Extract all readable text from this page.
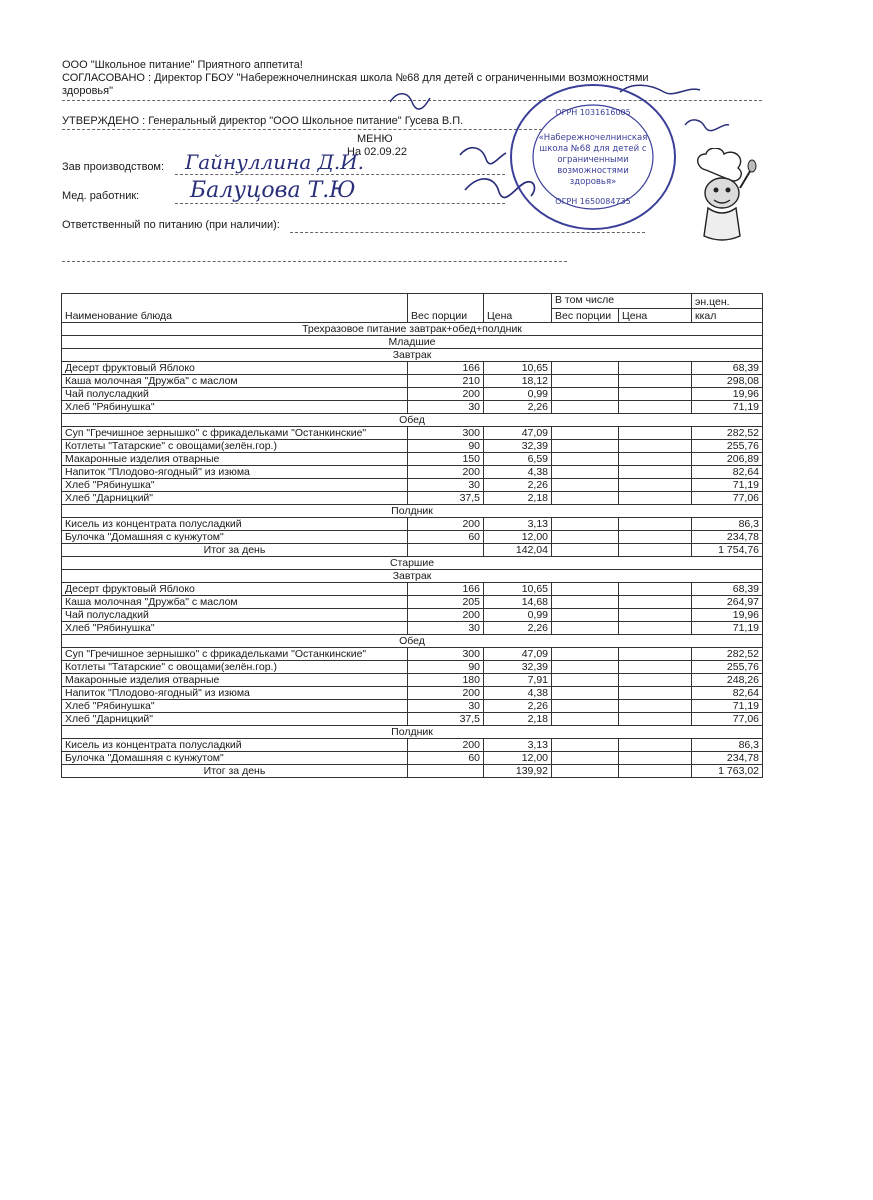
ООО "Школьное питание" Приятного аппетита!
СОГЛАСОВАНО : Директор ГБОУ "Набережночелнинская школа №68 для детей с ограниченными возможностями
здоровья"
УТВЕРЖДЕНО : Генеральный директор "ООО Школьное питание" Гусева В.П.
МЕНЮ
На 02.09.22
Зав производством: Гайнуллина Д.И.
Мед. работник: Балуцова Т.Ю
Ответственный по питанию (при наличии):
ОГРН 1031616005
«Набережночелнинская
школа №68 для детей с
ограниченными
возможностями
здоровья»
ОГРН 1650084735
Наименование блюда	Вес порции	Цена	В том числе		эн.цен.
			Вес порции	Цена	ккал
Трехразовое питание завтрак+обед+полдник					
Младшие					
Завтрак					
Десерт фруктовый Яблоко	166	10,65			68,39
Каша молочная "Дружба" с маслом	210	18,12			298,08
Чай полусладкий	200	0,99			19,96
Хлеб "Рябинушка"	30	2,26			71,19
Обед					
Суп "Гречишное зернышко" с фрикадельками "Останкинские"	300	47,09			282,52
Котлеты "Татарские" с овощами(зелён.гор.)	90	32,39			255,76
Макаронные изделия отварные	150	6,59			206,89
Напиток "Плодово-ягодный" из изюма	200	4,38			82,64
Хлеб "Рябинушка"	30	2,26			71,19
Хлеб "Дарницкий"	37,5	2,18			77,06
Полдник					
Кисель из концентрата полусладкий	200	3,13			86,3
Булочка "Домашняя с кунжутом"	60	12,00			234,78
Итог за день		142,04			1 754,76
Старшие					
Завтрак					
Десерт фруктовый Яблоко	166	10,65			68,39
Каша молочная "Дружба" с маслом	205	14,68			264,97
Чай полусладкий	200	0,99			19,96
Хлеб "Рябинушка"	30	2,26			71,19
Обед					
Суп "Гречишное зернышко" с фрикадельками "Останкинские"	300	47,09			282,52
Котлеты "Татарские" с овощами(зелён.гор.)	90	32,39			255,76
Макаронные изделия отварные	180	7,91			248,26
Напиток "Плодово-ягодный" из изюма	200	4,38			82,64
Хлеб "Рябинушка"	30	2,26			71,19
Хлеб "Дарницкий"	37,5	2,18			77,06
Полдник					
Кисель из концентрата полусладкий	200	3,13			86,3
Булочка "Домашняя с кунжутом"	60	12,00			234,78
Итог за день		139,92			1 763,02
